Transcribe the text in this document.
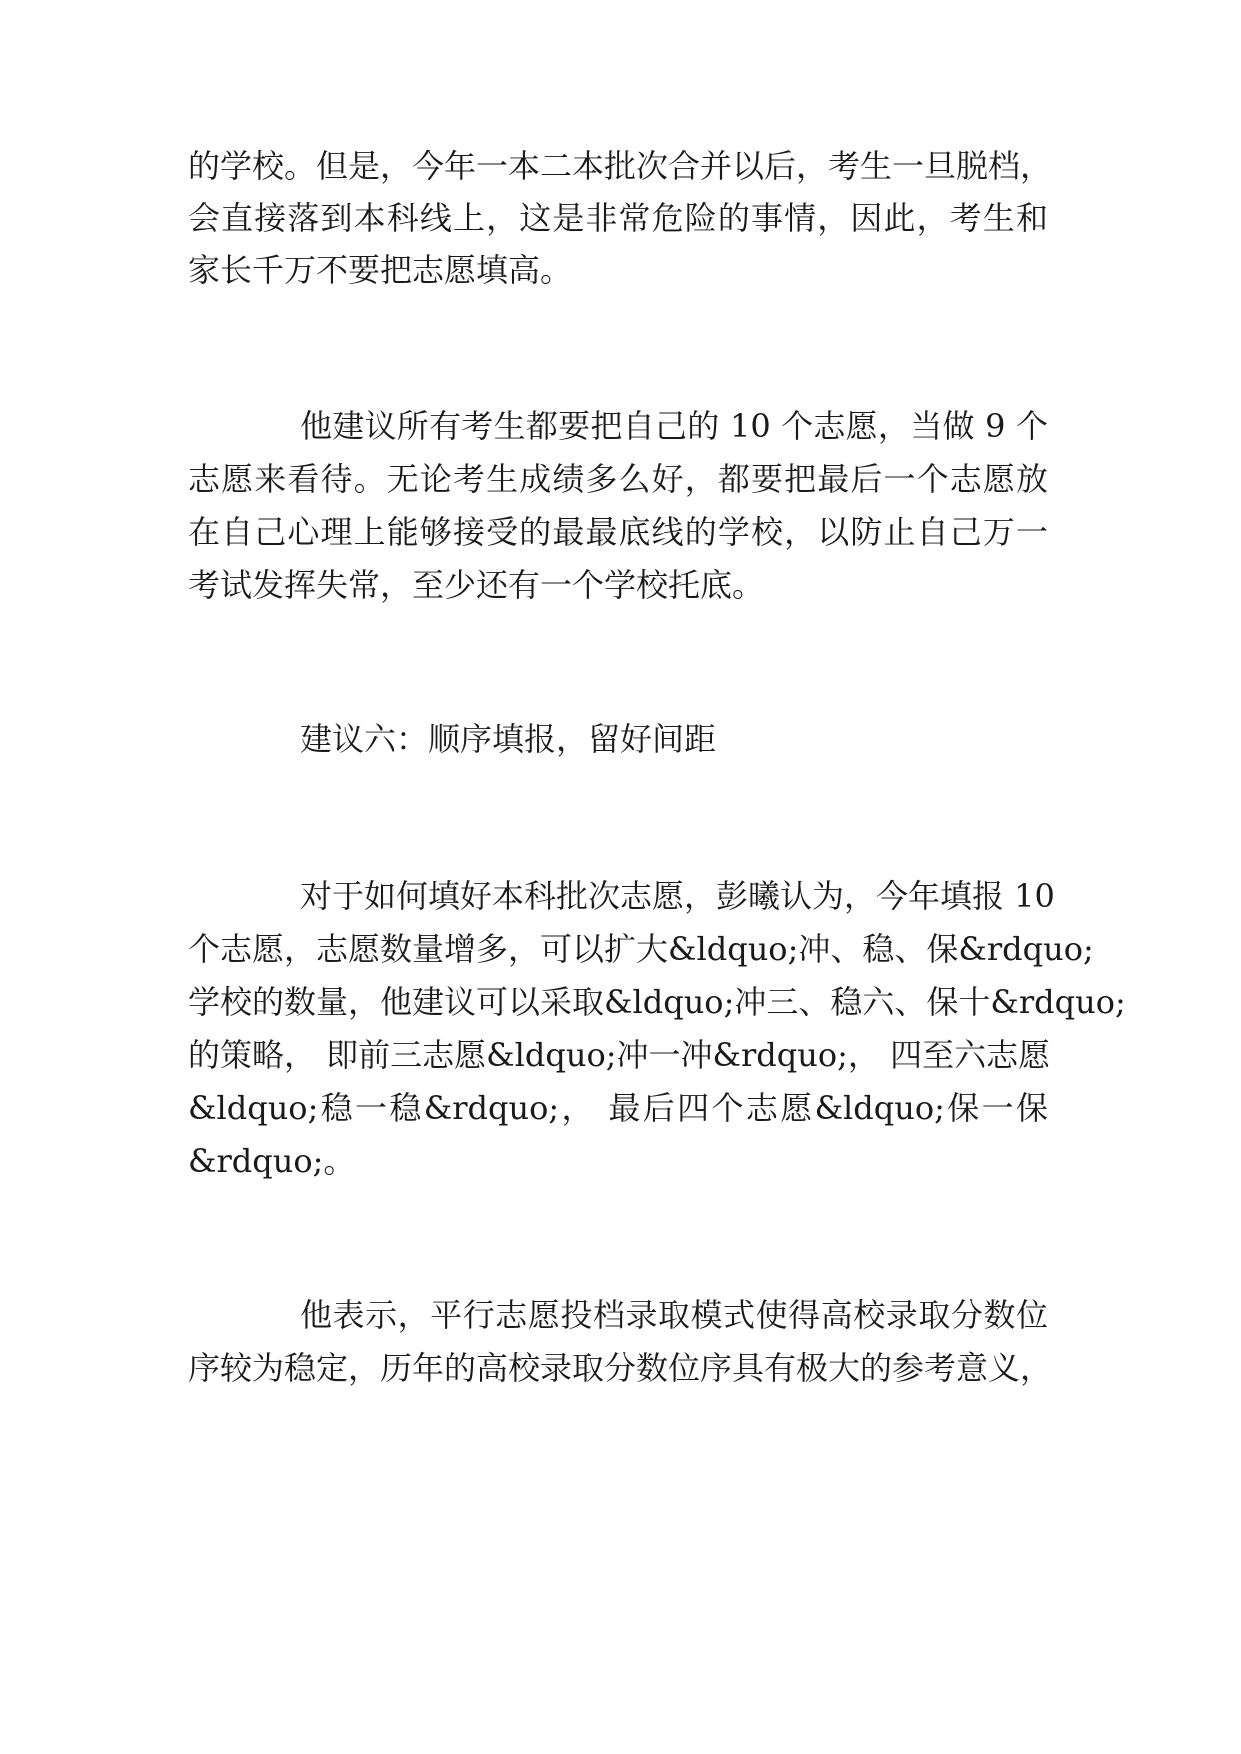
的学校。但是，今年一本二本批次合并以后，考生一旦脱档，
会直接落到本科线上，这是非常危险的事情，因此，考生和
家长千万不要把志愿填高。
他建议所有考生都要把自己的 10 个志愿，当做 9 个
志愿来看待。无论考生成绩多么好，都要把最后一个志愿放
在自己心理上能够接受的最最底线的学校，以防止自己万一
考试发挥失常，至少还有一个学校托底。
建议六：顺序填报，留好间距
对于如何填好本科批次志愿，彭曦认为，今年填报 10
个志愿，志愿数量增多，可以扩大&ldquo;冲、稳、保&rdquo;
学校的数量，他建议可以采取&ldquo;冲三、稳六、保十&rdquo;
的策略， 即前三志愿&ldquo;冲一冲&rdquo;， 四至六志愿
&ldquo;稳一稳&rdquo;， 最后四个志愿&ldquo;保一保
&rdquo;。
他表示，平行志愿投档录取模式使得高校录取分数位
序较为稳定，历年的高校录取分数位序具有极大的参考意义，
